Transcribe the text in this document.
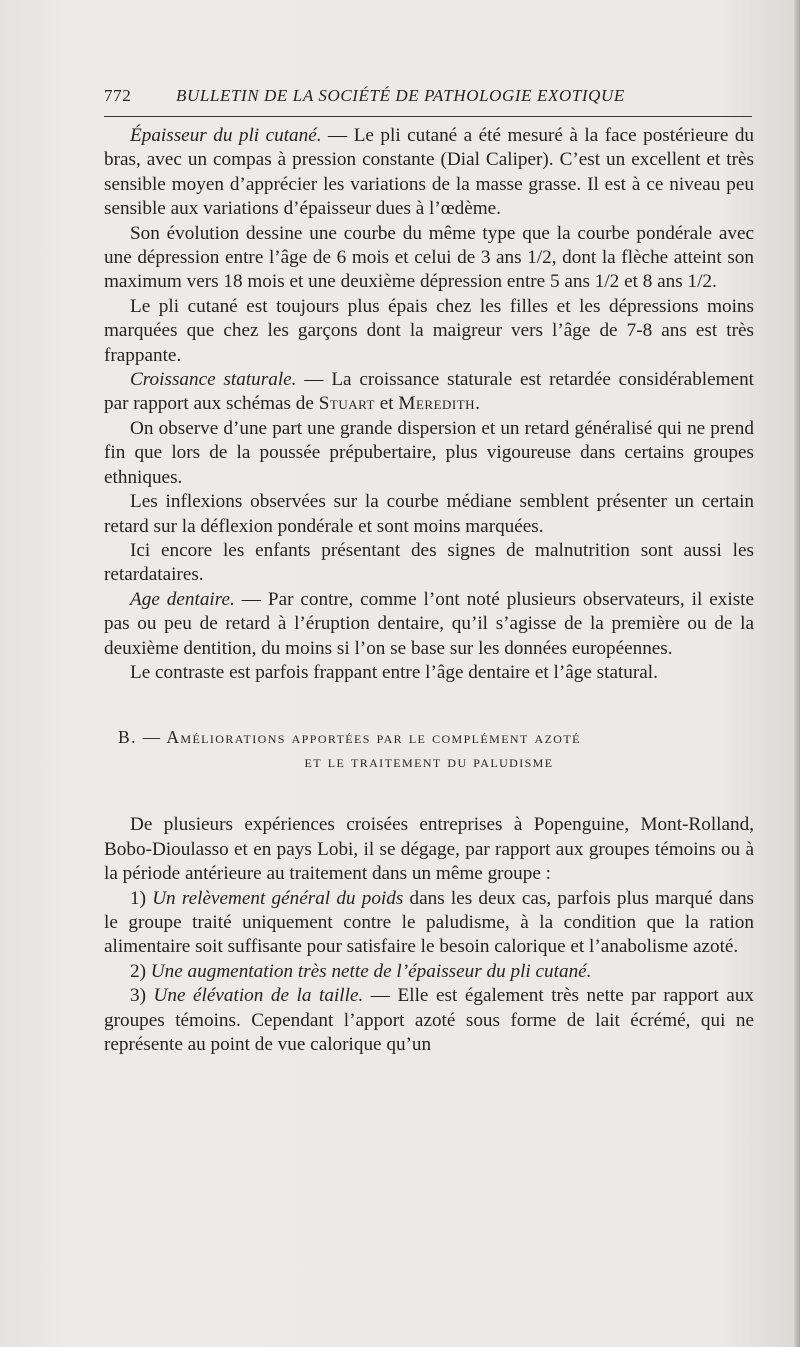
772	BULLETIN DE LA SOCIÉTÉ DE PATHOLOGIE EXOTIQUE

Épaisseur du pli cutané. — Le pli cutané a été mesuré à la face postérieure du bras, avec un compas à pression constante (Dial Caliper). C’est un excellent et très sensible moyen d’apprécier les variations de la masse grasse. Il est à ce niveau peu sensible aux variations d’épaisseur dues à l’œdème.

Son évolution dessine une courbe du même type que la courbe pondérale avec une dépression entre l’âge de 6 mois et celui de 3 ans 1/2, dont la flèche atteint son maximum vers 18 mois et une deuxième dépression entre 5 ans 1/2 et 8 ans 1/2.

Le pli cutané est toujours plus épais chez les filles et les dépressions moins marquées que chez les garçons dont la maigreur vers l’âge de 7-8 ans est très frappante.

Croissance staturale. — La croissance staturale est retardée considérablement par rapport aux schémas de Stuart et Meredith.

On observe d’une part une grande dispersion et un retard généralisé qui ne prend fin que lors de la poussée prépubertaire, plus vigoureuse dans certains groupes ethniques.

Les inflexions observées sur la courbe médiane semblent présenter un certain retard sur la déflexion pondérale et sont moins marquées.

Ici encore les enfants présentant des signes de malnutrition sont aussi les retardataires.

Age dentaire. — Par contre, comme l’ont noté plusieurs observateurs, il existe pas ou peu de retard à l’éruption dentaire, qu’il s’agisse de la première ou de la deuxième dentition, du moins si l’on se base sur les données européennes.

Le contraste est parfois frappant entre l’âge dentaire et l’âge statural.

B. — Améliorations apportées par le complément azoté
et le traitement du paludisme

De plusieurs expériences croisées entreprises à Popenguine, Mont-Rolland, Bobo-Dioulasso et en pays Lobi, il se dégage, par rapport aux groupes témoins ou à la période antérieure au traitement dans un même groupe :

1) Un relèvement général du poids dans les deux cas, parfois plus marqué dans le groupe traité uniquement contre le paludisme, à la condition que la ration alimentaire soit suffisante pour satisfaire le besoin calorique et l’anabolisme azoté.

2) Une augmentation très nette de l’épaisseur du pli cutané.

3) Une élévation de la taille. — Elle est également très nette par rapport aux groupes témoins. Cependant l’apport azoté sous forme de lait écrémé, qui ne représente au point de vue calorique qu’un
